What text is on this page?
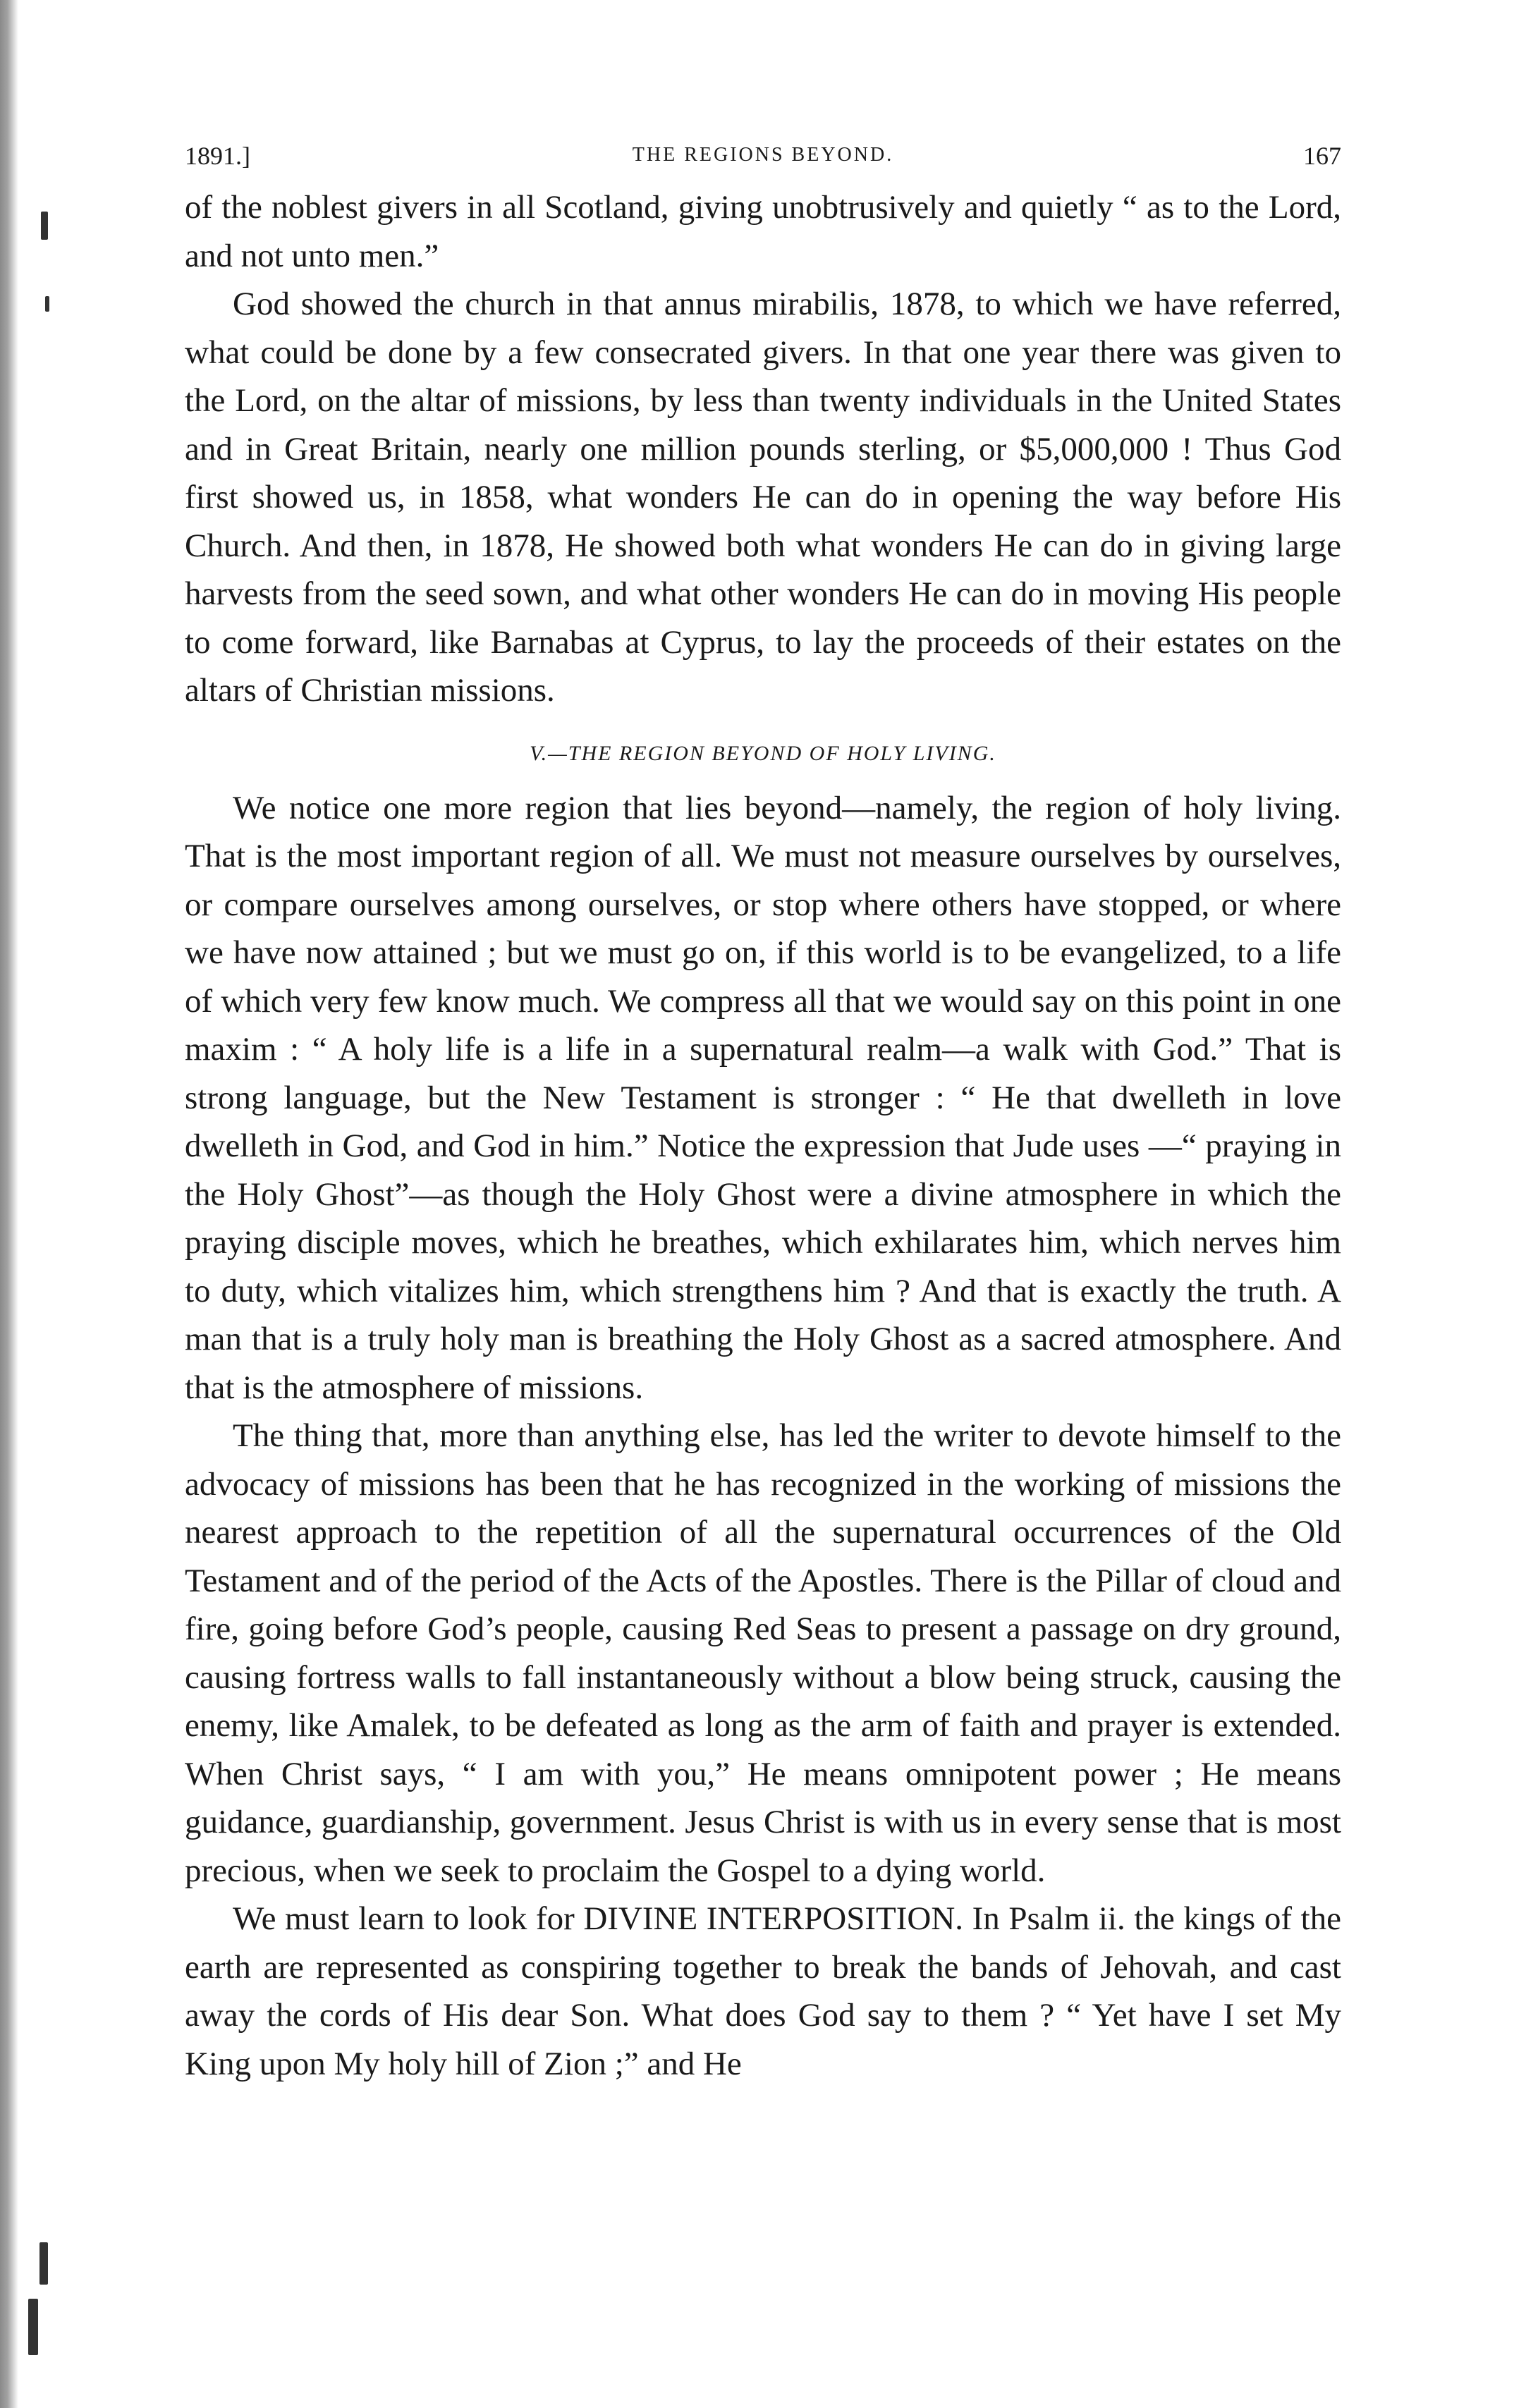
1891.]	THE REGIONS BEYOND.	167

of the noblest givers in all Scotland, giving unobtrusively and quietly “ as to the Lord, and not unto men.”

God showed the church in that annus mirabilis, 1878, to which we have referred, what could be done by a few consecrated givers. In that one year there was given to the Lord, on the altar of missions, by less than twenty individuals in the United States and in Great Britain, nearly one million pounds sterling, or $5,000,000 ! Thus God first showed us, in 1858, what wonders He can do in opening the way before His Church. And then, in 1878, He showed both what wonders He can do in giving large harvests from the seed sown, and what other wonders He can do in moving His people to come forward, like Barnabas at Cyprus, to lay the proceeds of their estates on the altars of Christian missions.

V.—THE REGION BEYOND OF HOLY LIVING.

We notice one more region that lies beyond—namely, the region of holy living. That is the most important region of all. We must not measure ourselves by ourselves, or compare ourselves among ourselves, or stop where others have stopped, or where we have now attained ; but we must go on, if this world is to be evangelized, to a life of which very few know much. We compress all that we would say on this point in one maxim : “ A holy life is a life in a supernatural realm—a walk with God.” That is strong language, but the New Testament is stronger : “ He that dwelleth in love dwelleth in God, and God in him.” Notice the expression that Jude uses —“ praying in the Holy Ghost”—as though the Holy Ghost were a divine atmosphere in which the praying disciple moves, which he breathes, which exhilarates him, which nerves him to duty, which vitalizes him, which strengthens him ? And that is exactly the truth. A man that is a truly holy man is breathing the Holy Ghost as a sacred atmosphere. And that is the atmosphere of missions.

The thing that, more than anything else, has led the writer to devote himself to the advocacy of missions has been that he has recognized in the working of missions the nearest approach to the repetition of all the supernatural occurrences of the Old Testament and of the period of the Acts of the Apostles. There is the Pillar of cloud and fire, going before God’s people, causing Red Seas to present a passage on dry ground, causing fortress walls to fall instantaneously without a blow being struck, causing the enemy, like Amalek, to be defeated as long as the arm of faith and prayer is extended. When Christ says, “ I am with you,” He means omnipotent power ; He means guidance, guardianship, government. Jesus Christ is with us in every sense that is most precious, when we seek to proclaim the Gospel to a dying world.

We must learn to look for DIVINE INTERPOSITION. In Psalm ii. the kings of the earth are represented as conspiring together to break the bands of Jehovah, and cast away the cords of His dear Son. What does God say to them ? “ Yet have I set My King upon My holy hill of Zion ;” and He
